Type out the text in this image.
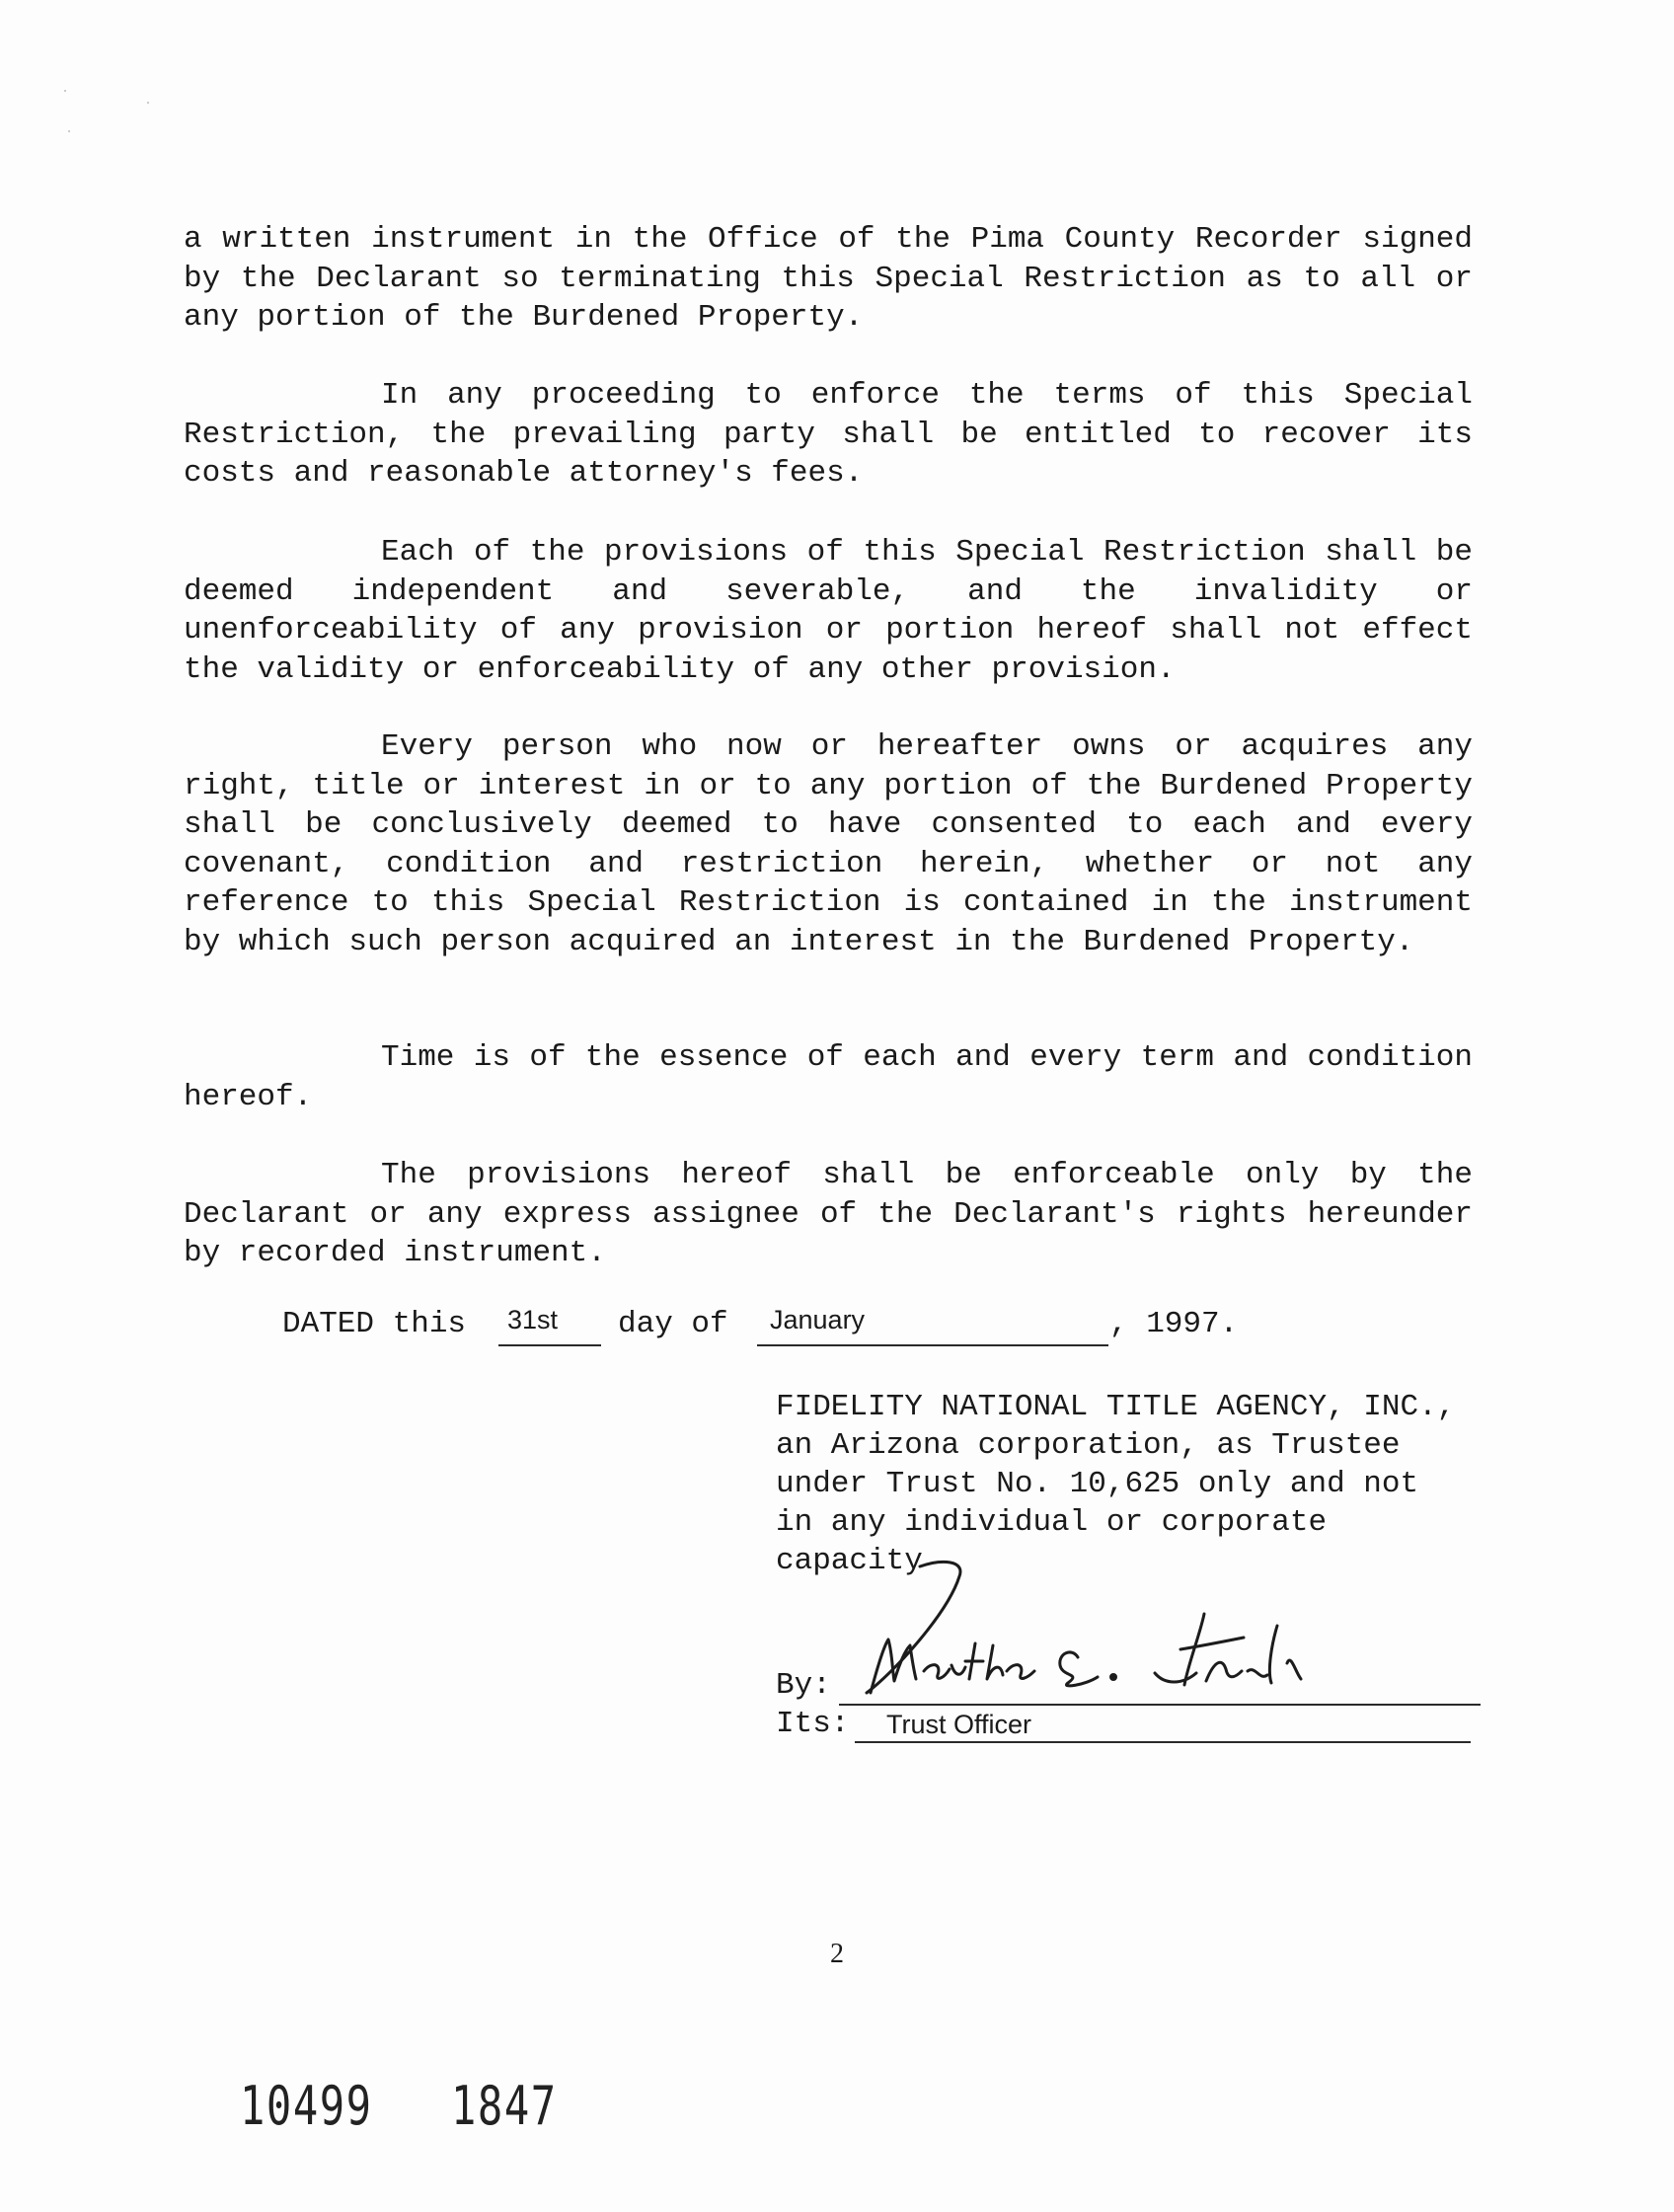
a written instrument in the Office of the Pima County Recorder signed by the Declarant so terminating this Special Restriction as to all or any portion of the Burdened Property.

In any proceeding to enforce the terms of this Special Restriction, the prevailing party shall be entitled to recover its costs and reasonable attorney's fees.

Each of the provisions of this Special Restriction shall be deemed independent and severable, and the invalidity or unenforceability of any provision or portion hereof shall not effect the validity or enforceability of any other provision.

Every person who now or hereafter owns or acquires any right, title or interest in or to any portion of the Burdened Property shall be conclusively deemed to have consented to each and every covenant, condition and restriction herein, whether or not any reference to this Special Restriction is contained in the instrument by which such person acquired an interest in the Burdened Property.

Time is of the essence of each and every term and condition hereof.

The provisions hereof shall be enforceable only by the Declarant or any express assignee of the Declarant's rights hereunder by recorded instrument.

DATED this 31st day of January	, 1997.
FIDELITY NATIONAL TITLE AGENCY, INC.,
an Arizona corporation, as Trustee
under Trust No. 10,625 only and not
in any individual or corporate
capacity
By:
Its: Trust Officer
2
10499 1847
